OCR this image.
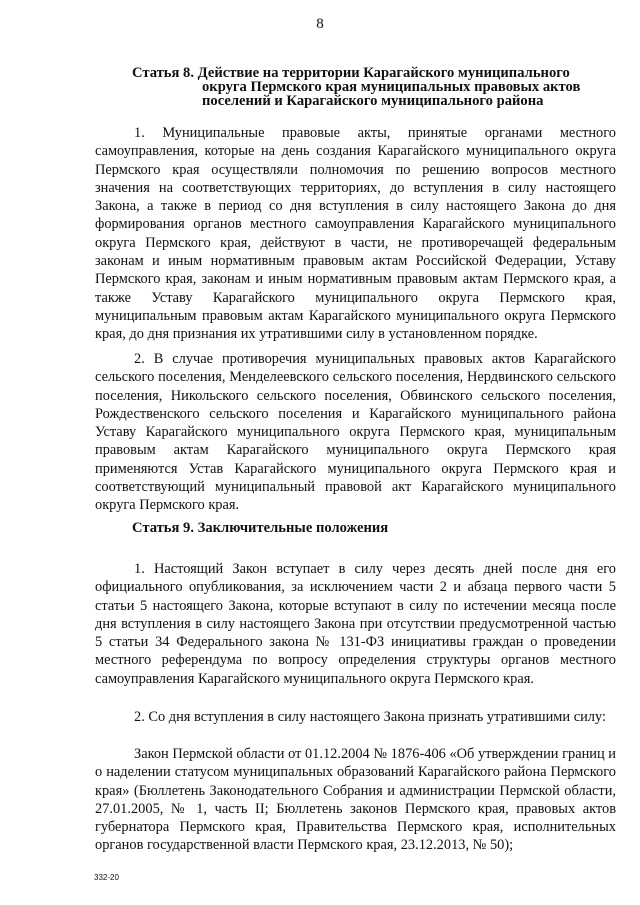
8
Статья 8. Действие на территории Карагайского муниципального
округа Пермского края муниципальных правовых актов
поселений и Карагайского муниципального района

1. Муниципальные правовые акты, принятые органами местного самоуправления, которые на день создания Карагайского муниципального округа Пермского края осуществляли полномочия по решению вопросов местного значения на соответствующих территориях, до вступления в силу настоящего Закона, а также в период со дня вступления в силу настоящего Закона до дня формирования органов местного самоуправления Карагайского муниципального округа Пермского края, действуют в части, не противоречащей федеральным законам и иным нормативным правовым актам Российской Федерации, Уставу Пермского края, законам и иным нормативным правовым актам Пермского края, а также Уставу Карагайского муниципального округа Пермского края, муниципальным правовым актам Карагайского муниципального округа Пермского края, до дня признания их утратившими силу в установленном порядке.

2. В случае противоречия муниципальных правовых актов Карагайского сельского поселения, Менделеевского сельского поселения, Нердвинского сельского поселения, Никольского сельского поселения, Обвинского сельского поселения, Рождественского сельского поселения и Карагайского муниципального района Уставу Карагайского муниципального округа Пермского края, муниципальным правовым актам Карагайского муниципального округа Пермского края применяются Устав Карагайского муниципального округа Пермского края и соответствующий муниципальный правовой акт Карагайского муниципального округа Пермского края.

Статья 9. Заключительные положения

1. Настоящий Закон вступает в силу через десять дней после дня его официального опубликования, за исключением части 2 и абзаца первого части 5 статьи 5 настоящего Закона, которые вступают в силу по истечении месяца после дня вступления в силу настоящего Закона при отсутствии предусмотренной частью 5 статьи 34 Федерального закона № 131-ФЗ инициативы граждан о проведении местного референдума по вопросу определения структуры органов местного самоуправления Карагайского муниципального округа Пермского края.

2. Со дня вступления в силу настоящего Закона признать утратившими силу:

Закон Пермской области от 01.12.2004 № 1876-406 «Об утверждении границ и о наделении статусом муниципальных образований Карагайского района Пермского края» (Бюллетень Законодательного Собрания и администрации Пермской области, 27.01.2005, № 1, часть II; Бюллетень законов Пермского края, правовых актов губернатора Пермского края, Правительства Пермского края, исполнительных органов государственной власти Пермского края, 23.12.2013, № 50);

332-20
